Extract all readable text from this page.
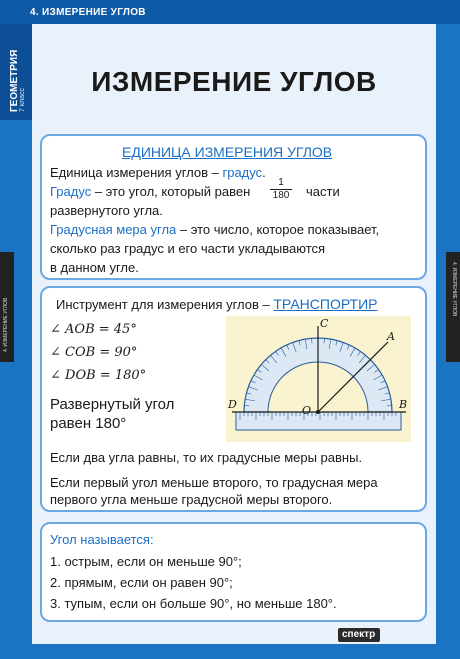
4. ИЗМЕРЕНИЕ УГЛОВ
ГЕОМЕТРИЯ 7 класс
4. ИЗМЕРЕНИЕ УГЛОВ
4. ИЗМЕРЕНИЕ УГЛОВ
ИЗМЕРЕНИЕ УГЛОВ
ЕДИНИЦА ИЗМЕРЕНИЯ УГЛОВ
Единица измерения углов – градус.
Градус – это угол, который равен $\frac{1}{180}$ части
развернутого угла.
Градусная мера угла – это число, которое показывает,
сколько раз градус и его части укладываются
в данном угле.
Инструмент для измерения углов – ТРАНСПОРТИР
∠ AOB = 45°
∠ COB = 90°
∠ DOB = 180°
Развернутый угол
равен 180°
C
A
D	O	B
Если два угла равны, то их градусные меры равны.
Если первый угол меньше второго, то градусная мера
первого угла меньше градусной меры второго.
Угол называется:
1. острым, если он меньше 90°;
2. прямым, если он равен 90°;
3. тупым, если он больше 90°, но меньше 180°.
спектр
